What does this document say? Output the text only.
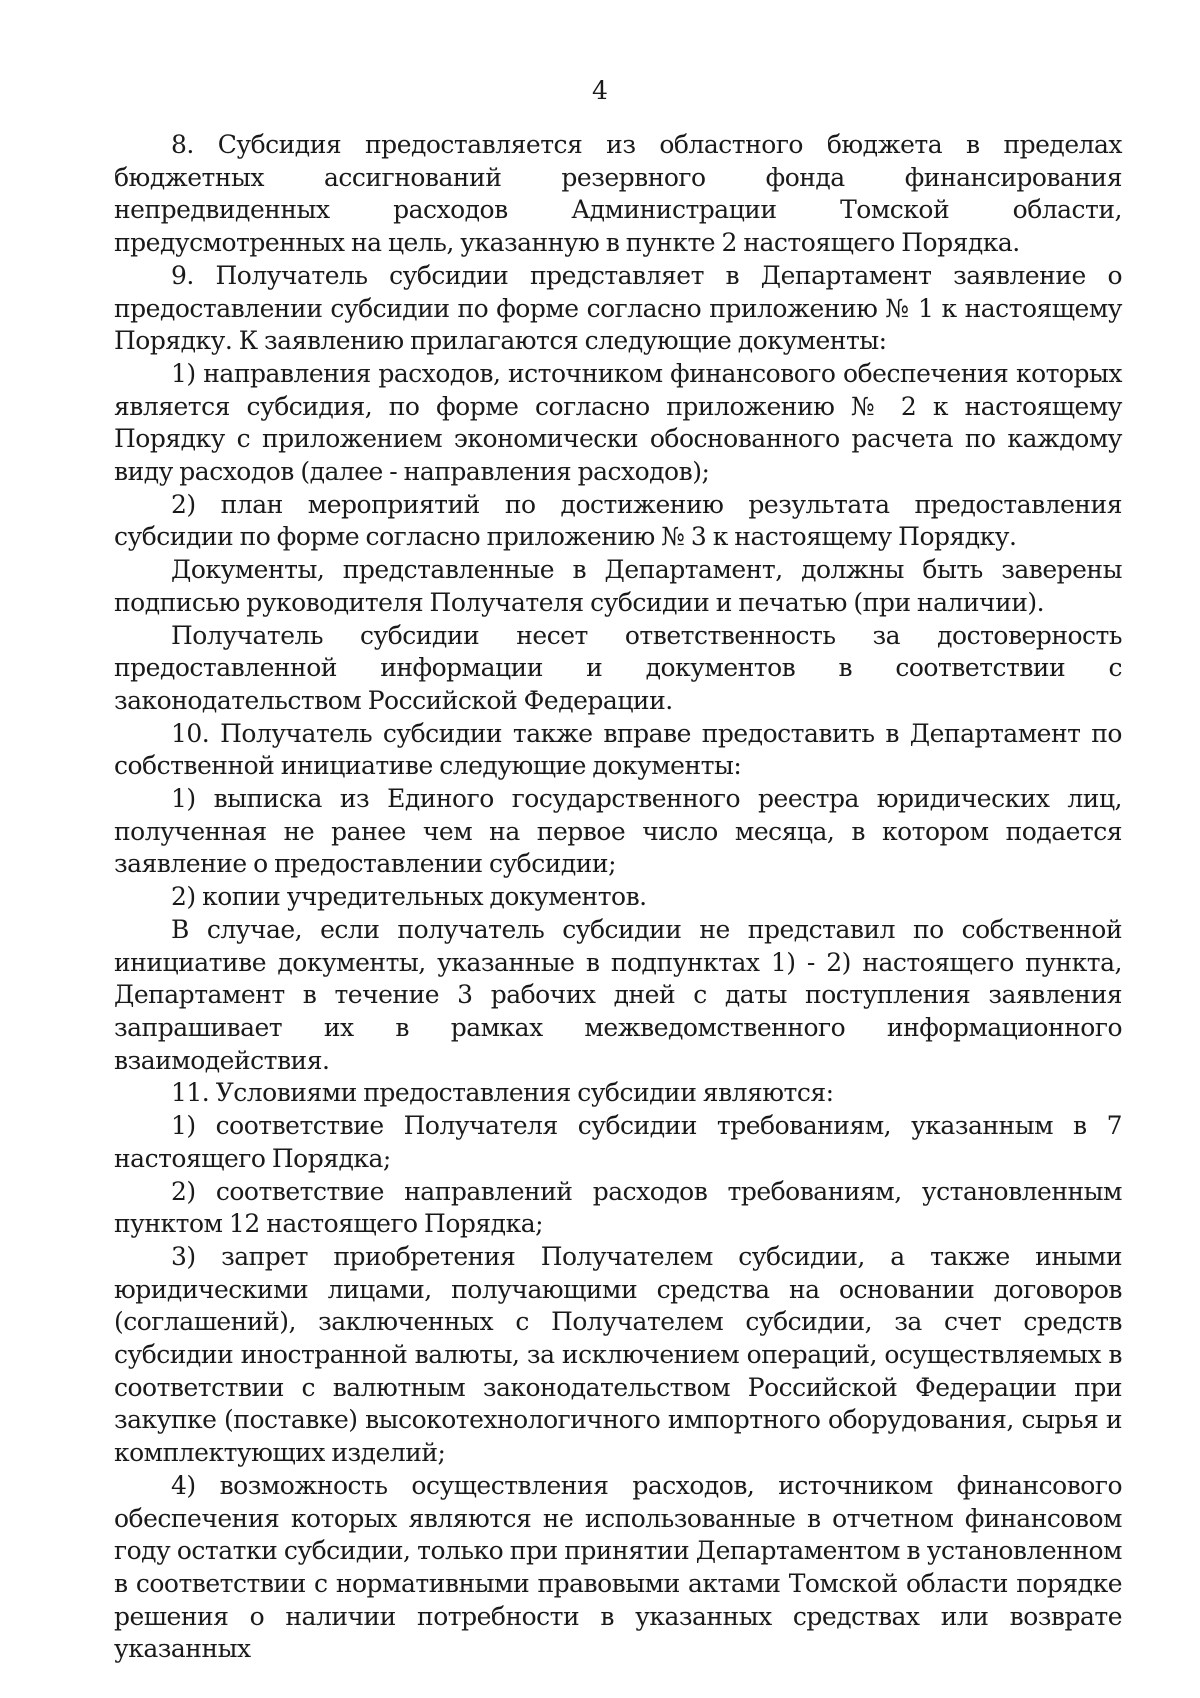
4

8. Субсидия предоставляется из областного бюджета в пределах бюджетных ассигнований резервного фонда финансирования непредвиденных расходов Администрации Томской области, предусмотренных на цель, указанную в пункте 2 настоящего Порядка.

9. Получатель субсидии представляет в Департамент заявление о предоставлении субсидии по форме согласно приложению № 1 к настоящему Порядку. К заявлению прилагаются следующие документы:

1) направления расходов, источником финансового обеспечения которых является субсидия, по форме согласно приложению № 2 к настоящему Порядку с приложением экономически обоснованного расчета по каждому виду расходов (далее - направления расходов);

2) план мероприятий по достижению результата предоставления субсидии по форме согласно приложению № 3 к настоящему Порядку.

Документы, представленные в Департамент, должны быть заверены подписью руководителя Получателя субсидии и печатью (при наличии).

Получатель субсидии несет ответственность за достоверность предоставленной информации и документов в соответствии с законодательством Российской Федерации.

10. Получатель субсидии также вправе предоставить в Департамент по собственной инициативе следующие документы:

1) выписка из Единого государственного реестра юридических лиц, полученная не ранее чем на первое число месяца, в котором подается заявление о предоставлении субсидии;

2) копии учредительных документов.

В случае, если получатель субсидии не представил по собственной инициативе документы, указанные в подпунктах 1) - 2) настоящего пункта, Департамент в течение 3 рабочих дней с даты поступления заявления запрашивает их в рамках межведомственного информационного взаимодействия.

11. Условиями предоставления субсидии являются:

1) соответствие Получателя субсидии требованиям, указанным в 7 настоящего Порядка;

2) соответствие направлений расходов требованиям, установленным пунктом 12 настоящего Порядка;

3) запрет приобретения Получателем субсидии, а также иными юридическими лицами, получающими средства на основании договоров (соглашений), заключенных с Получателем субсидии, за счет средств субсидии иностранной валюты, за исключением операций, осуществляемых в соответствии с валютным законодательством Российской Федерации при закупке (поставке) высокотехнологичного импортного оборудования, сырья и комплектующих изделий;

4) возможность осуществления расходов, источником финансового обеспечения которых являются не использованные в отчетном финансовом году остатки субсидии, только при принятии Департаментом в установленном в соответствии с нормативными правовыми актами Томской области порядке решения о наличии потребности в указанных средствах или возврате указанных
